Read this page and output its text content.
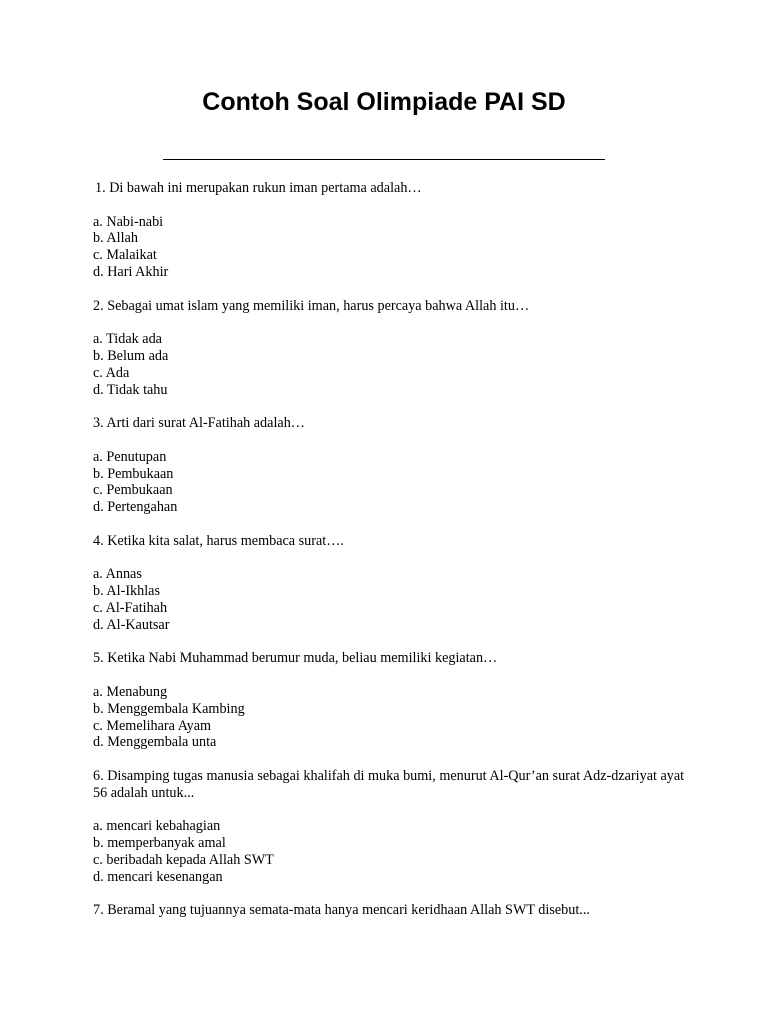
Contoh Soal Olimpiade PAI SD
1. Di bawah ini merupakan rukun iman pertama adalah…
a. Nabi-nabi
b. Allah
c. Malaikat
d. Hari Akhir
2. Sebagai umat islam yang memiliki iman, harus percaya bahwa Allah itu…
a. Tidak ada
b. Belum ada
c. Ada
d. Tidak tahu
3. Arti dari surat Al-Fatihah adalah…
a. Penutupan
b. Pembukaan
c. Pembukaan
d. Pertengahan
4. Ketika kita salat, harus membaca surat….
a. Annas
b. Al-Ikhlas
c. Al-Fatihah
d. Al-Kautsar
5. Ketika Nabi Muhammad berumur muda, beliau memiliki kegiatan…
a. Menabung
b. Menggembala Kambing
c. Memelihara Ayam
d. Menggembala unta
6. Disamping tugas manusia sebagai khalifah di muka bumi, menurut Al-Qur’an surat Adz-dzariyat ayat 56 adalah untuk...
a. mencari kebahagian
b. memperbanyak amal
c. beribadah kepada Allah SWT
d. mencari kesenangan
7. Beramal yang tujuannya semata-mata hanya mencari keridhaan Allah SWT disebut...
